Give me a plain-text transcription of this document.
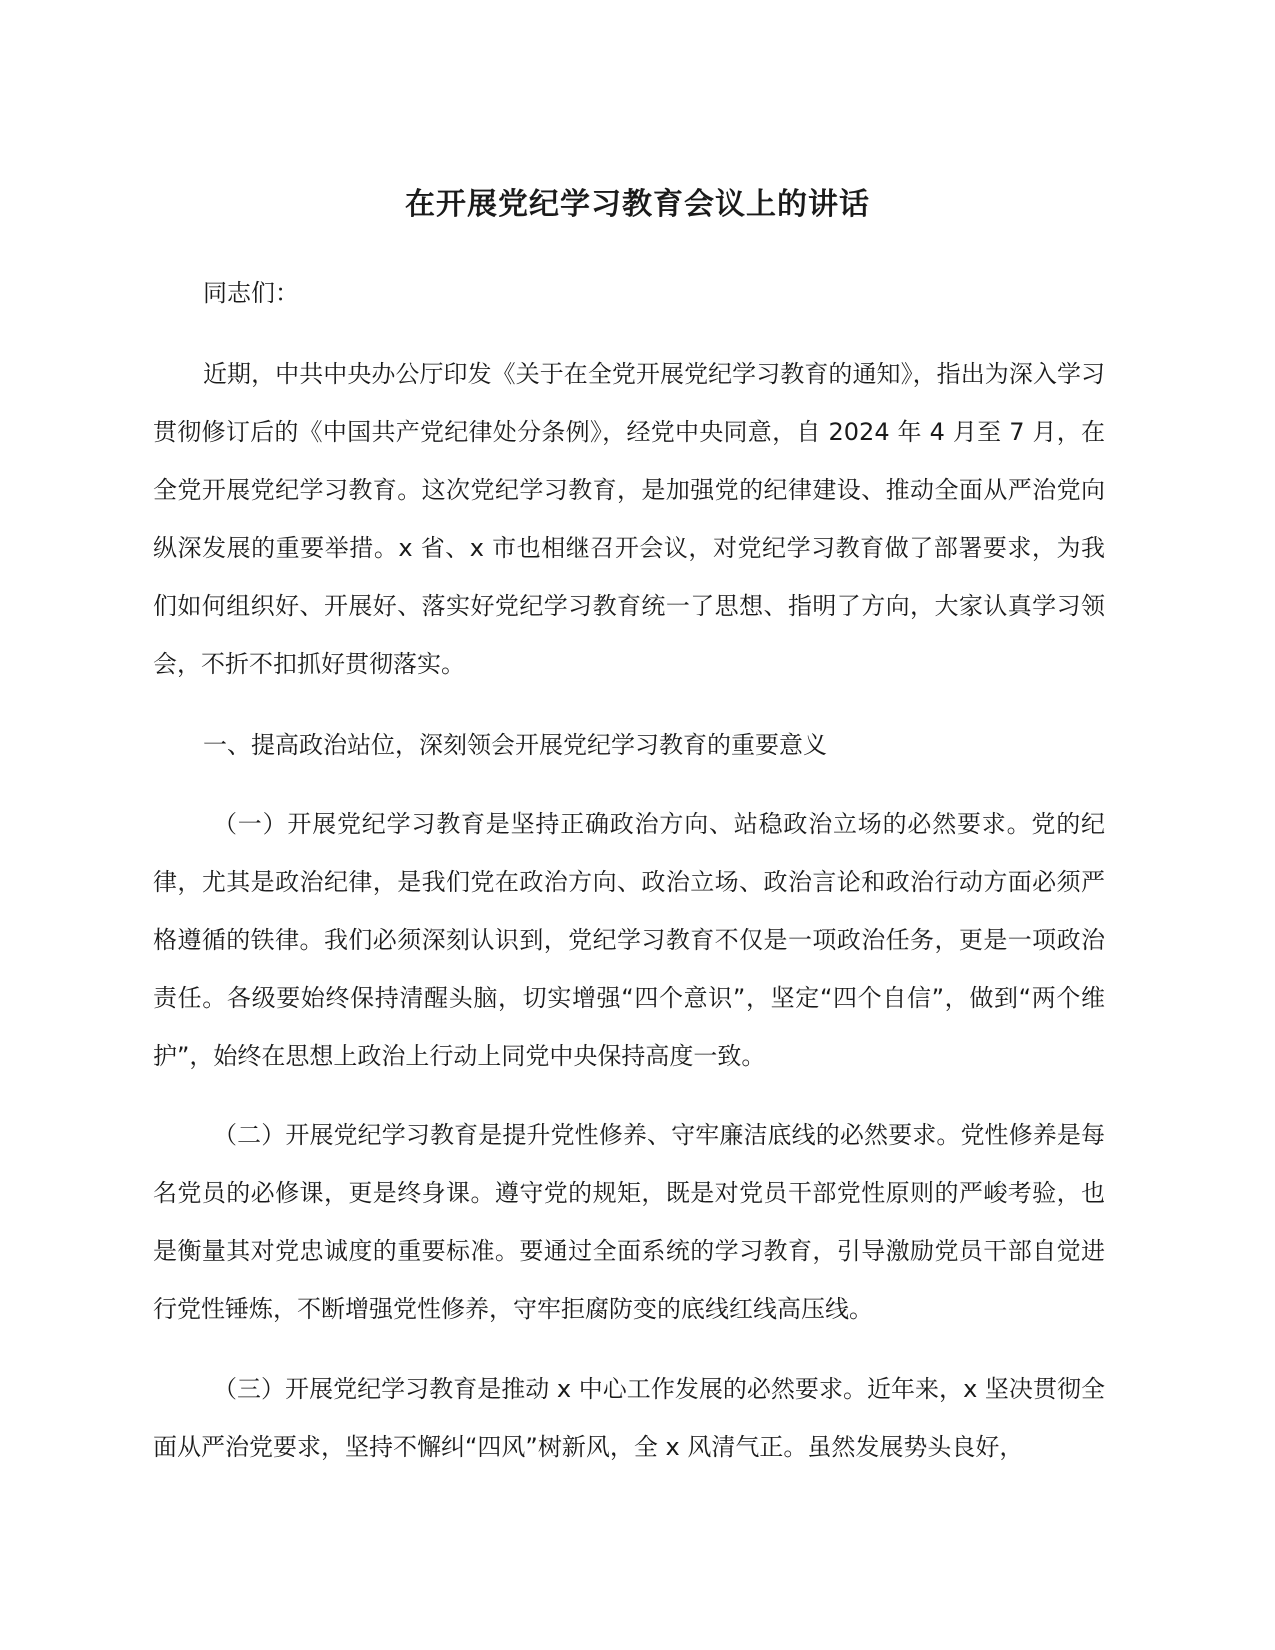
在开展党纪学习教育会议上的讲话

同志们：

近期，中共中央办公厅印发《关于在全党开展党纪学习教育的通知》，指出为深入学习贯彻修订后的《中国共产党纪律处分条例》，经党中央同意，自 2024 年 4 月至 7 月，在全党开展党纪学习教育。这次党纪学习教育，是加强党的纪律建设、推动全面从严治党向纵深发展的重要举措。x 省、x 市也相继召开会议，对党纪学习教育做了部署要求，为我们如何组织好、开展好、落实好党纪学习教育统一了思想、指明了方向，大家认真学习领会，不折不扣抓好贯彻落实。

一、提高政治站位，深刻领会开展党纪学习教育的重要意义

（一）开展党纪学习教育是坚持正确政治方向、站稳政治立场的必然要求。党的纪律，尤其是政治纪律，是我们党在政治方向、政治立场、政治言论和政治行动方面必须严格遵循的铁律。我们必须深刻认识到，党纪学习教育不仅是一项政治任务，更是一项政治责任。各级要始终保持清醒头脑，切实增强“四个意识”，坚定“四个自信”，做到“两个维护”，始终在思想上政治上行动上同党中央保持高度一致。

（二）开展党纪学习教育是提升党性修养、守牢廉洁底线的必然要求。党性修养是每名党员的必修课，更是终身课。遵守党的规矩，既是对党员干部党性原则的严峻考验，也是衡量其对党忠诚度的重要标准。要通过全面系统的学习教育，引导激励党员干部自觉进行党性锤炼，不断增强党性修养，守牢拒腐防变的底线红线高压线。

（三）开展党纪学习教育是推动 x 中心工作发展的必然要求。近年来，x 坚决贯彻全面从严治党要求，坚持不懈纠“四风”树新风，全 x 风清气正。虽然发展势头良好，
